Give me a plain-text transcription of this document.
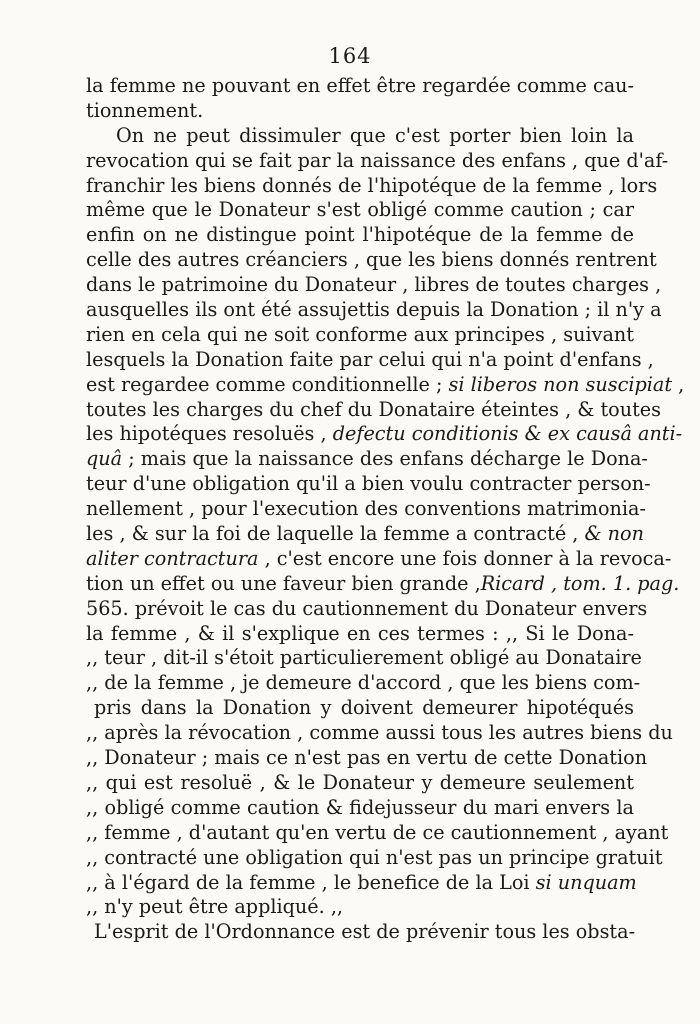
164
la femme ne pouvant en effet être regardée comme cau-
tionnement.
On ne peut dissimuler que c'est porter bien loin la
revocation qui se fait par la naissance des enfans , que d'af-
franchir les biens donnés de l'hipotéque de la femme , lors
même que le Donateur s'est obligé comme caution ; car
enfin on ne distingue point l'hipotéque de la femme de
celle des autres créanciers , que les biens donnés rentrent
dans le patrimoine du Donateur , libres de toutes charges ,
ausquelles ils ont été assujettis depuis la Donation ; il n'y a
rien en cela qui ne soit conforme aux principes , suivant
lesquels la Donation faite par celui qui n'a point d'enfans ,
est regardee comme conditionnelle ; si liberos non suscipiat ,
toutes les charges du chef du Donataire éteintes , & toutes
les hipotéques resoluës , defectu conditionis & ex causâ anti-
quâ ; mais que la naissance des enfans décharge le Dona-
teur d'une obligation qu'il a bien voulu contracter person-
nellement , pour l'execution des conventions matrimonia-
les , & sur la foi de laquelle la femme a contracté , & non
aliter contractura , c'est encore une fois donner à la revoca-
tion un effet ou une faveur bien grande ,Ricard , tom. 1. pag.
565. prévoit le cas du cautionnement du Donateur envers
la femme , & il s'explique en ces termes : ,, Si le Dona-
,, teur , dit-il s'étoit particulierement obligé au Donataire
,, de la femme , je demeure d'accord , que les biens com-
pris dans la Donation y doivent demeurer hipotéqués
,, après la révocation , comme aussi tous les autres biens du
,, Donateur ; mais ce n'est pas en vertu de cette Donation
,, qui est resoluë , & le Donateur y demeure seulement
,, obligé comme caution & fidejusseur du mari envers la
,, femme , d'autant qu'en vertu de ce cautionnement , ayant
,, contracté une obligation qui n'est pas un principe gratuit
,, à l'égard de la femme , le benefice de la Loi si unquam
,, n'y peut être appliqué. ,,
L'esprit de l'Ordonnance est de prévenir tous les obsta-
